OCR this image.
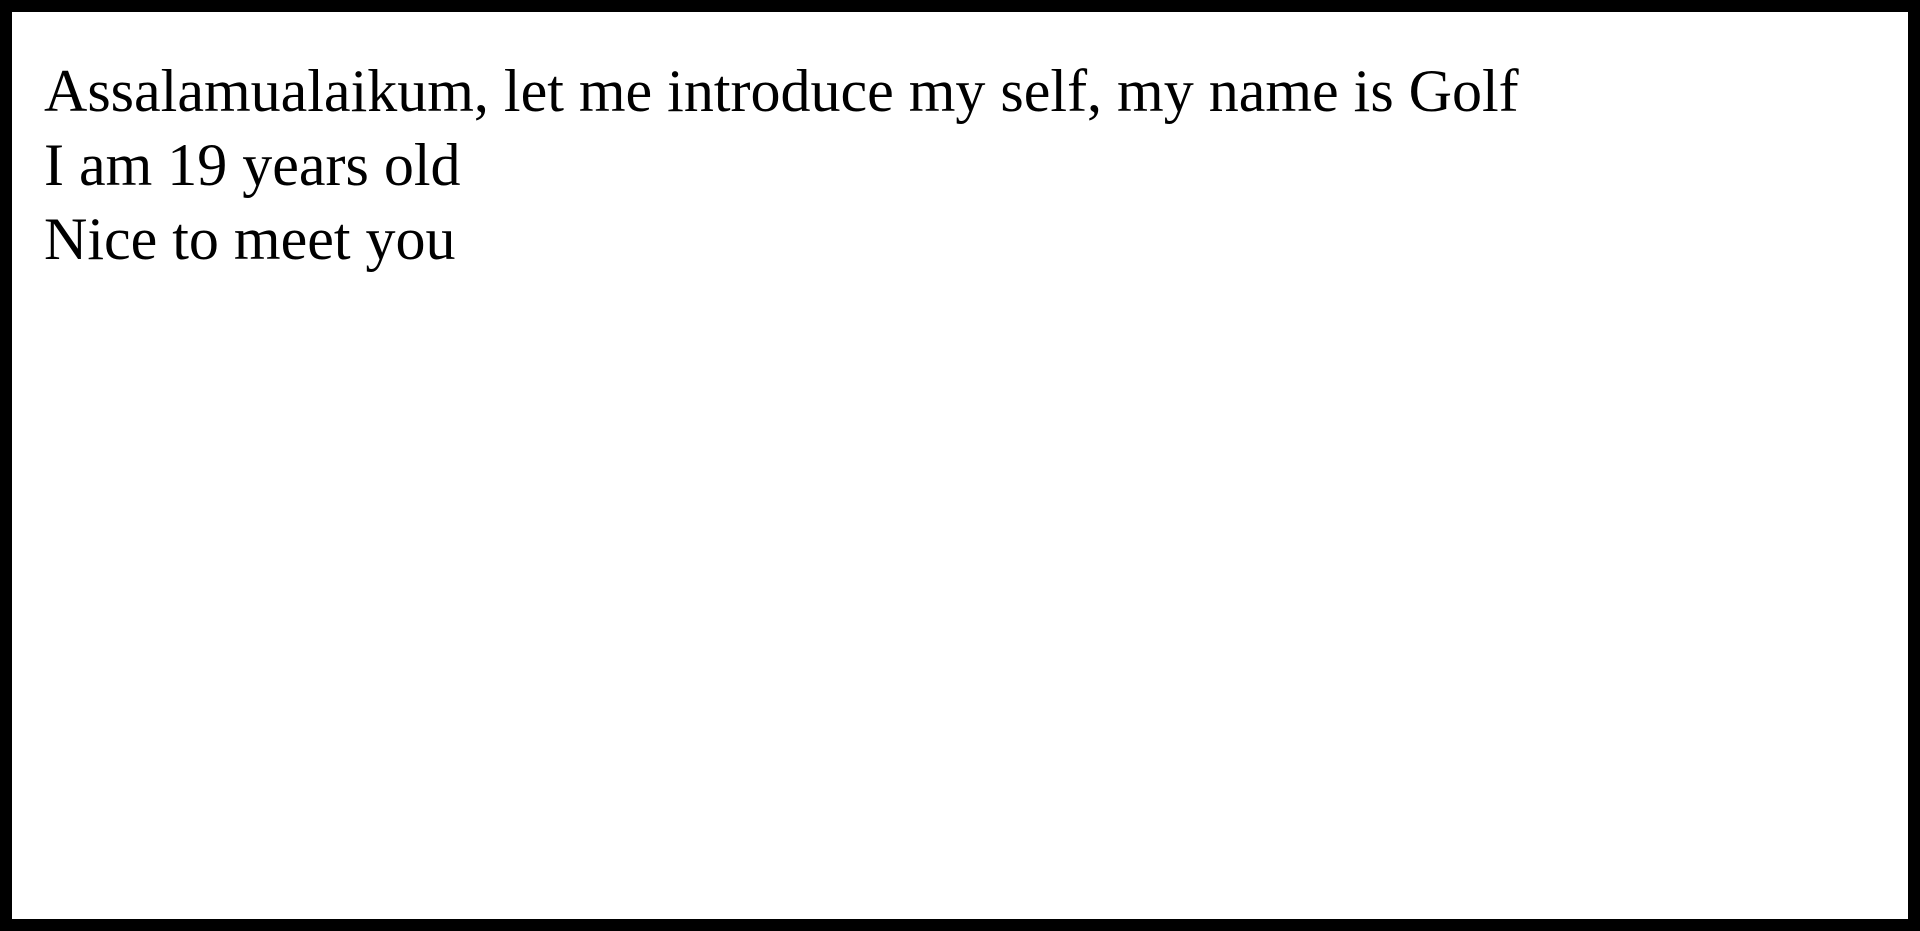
Assalamualaikum, let me introduce my self, my name is Golf
I am 19 years old
Nice to meet you
